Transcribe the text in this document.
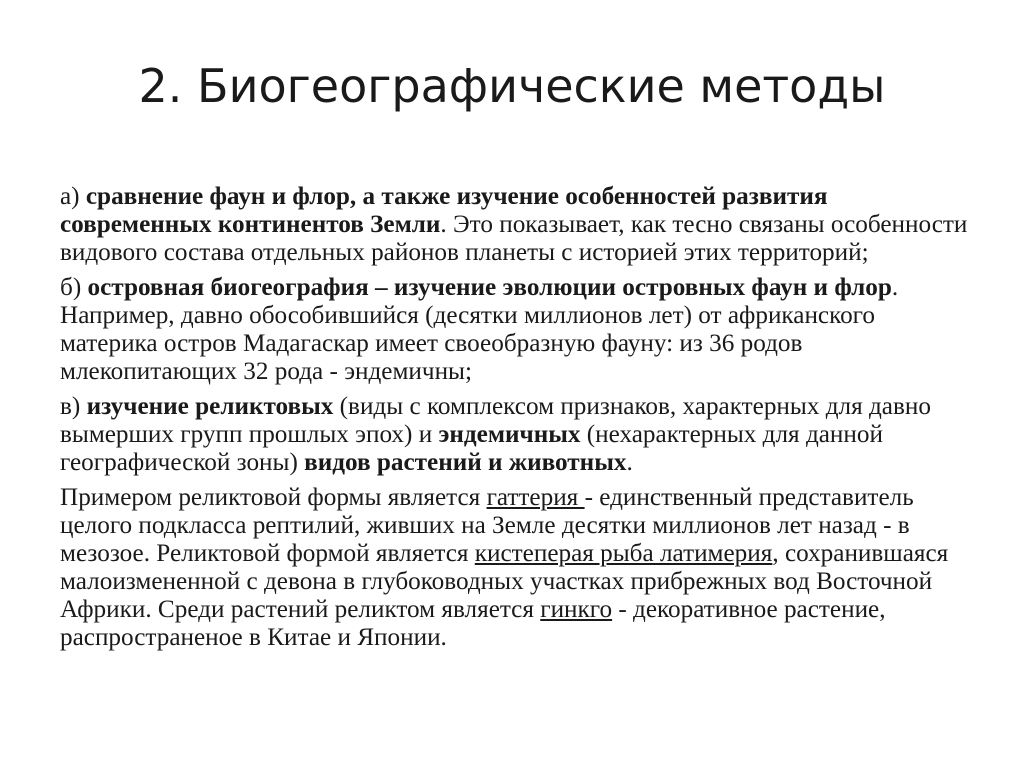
2. Биогеографические методы

а) сравнение фаун и флор, а также изучение особенностей развития современных континентов Земли. Это показывает, как тесно связаны особенности видового состава отдельных районов планеты с историей этих территорий;

б) островная биогеография – изучение эволюции островных фаун и флор. Например, давно обособившийся (десятки миллионов лет) от африканского материка остров Мадагаскар имеет своеобразную фауну: из 36 родов млекопитающих 32 рода - эндемичны;

в) изучение реликтовых (виды с комплексом признаков, характерных для давно вымерших групп прошлых эпох) и эндемичных (нехарактерных для данной географической зоны) видов растений и животных.

Примером реликтовой формы является гаттерия - единственный представитель целого подкласса рептилий, живших на Земле десятки миллионов лет назад - в мезозое. Реликтовой формой является кистеперая рыба латимерия, сохранившаяся малоизмененной с девона в глубоководных участках прибрежных вод Восточной Африки. Среди растений реликтом является гинкго - декоративное растение, распространеное в Китае и Японии.
